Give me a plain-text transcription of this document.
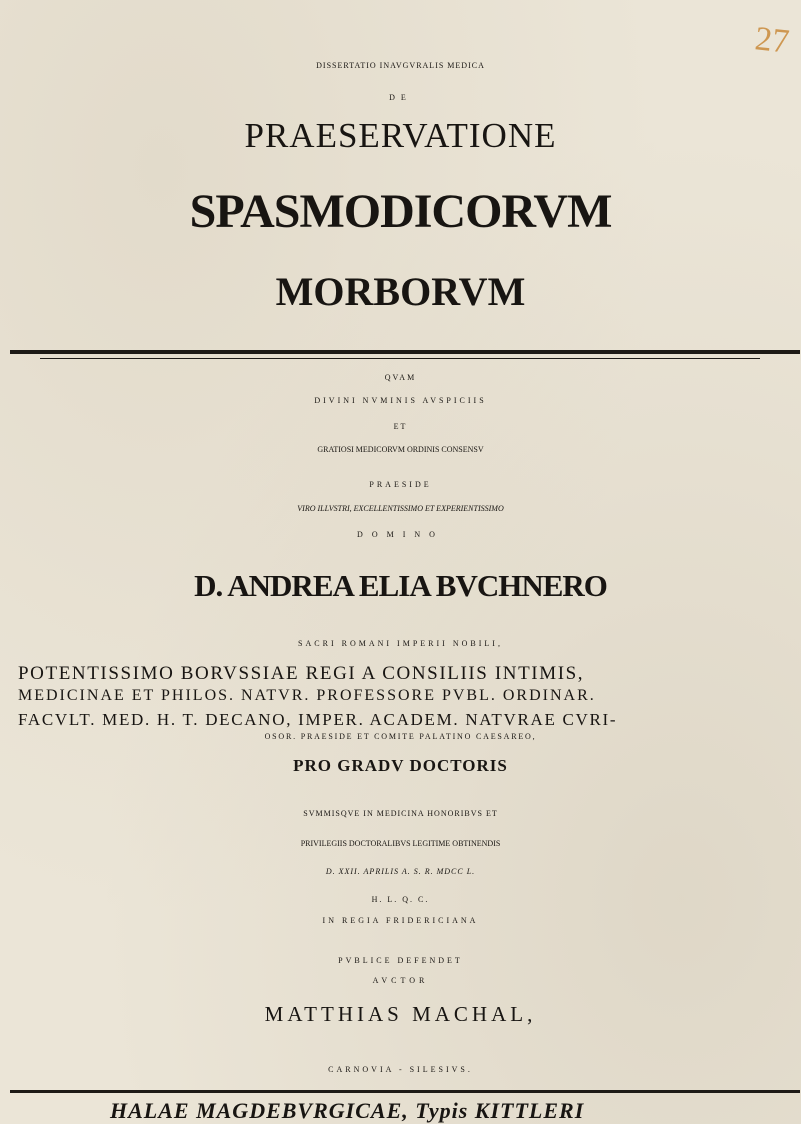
27
DISSERTATIO INAVGVRALIS MEDICA
DE
PRAESERVATIONE
SPASMODICORVM
MORBORVM
QVAM
DIVINI NVMINIS AVSPICIIS
ET
GRATIOSI MEDICORVM ORDINIS CONSENSV
PRAESIDE
VIRO ILLVSTRI, EXCELLENTISSIMO ET EXPERIENTISSIMO
DOMINO
D. ANDREA ELIA BVCHNERO
SACRI ROMANI IMPERII NOBILI,
POTENTISSIMO BORVSSIAE REGI A CONSILIIS INTIMIS,
MEDICINAE ET PHILOS. NATVR. PROFESSORE PVBL. ORDINAR.
FACVLT. MED. H. T. DECANO, IMPER. ACADEM. NATVRAE CVRI-
OSOR. PRAESIDE ET COMITE PALATINO CAESAREO,
PRO GRADV DOCTORIS
SVMMISQVE IN MEDICINA HONORIBVS ET
PRIVILEGIIS DOCTORALIBVS LEGITIME OBTINENDIS
D. XXII. APRILIS A. S. R. MDCC L.
H. L. Q. C.
IN REGIA FRIDERICIANA
PVBLICE DEFENDET
AVCTOR
MATTHIAS MACHAL,
CARNOVIA - SILESIVS.
HALAE MAGDEBVRGICAE, Typis KITTLERI
